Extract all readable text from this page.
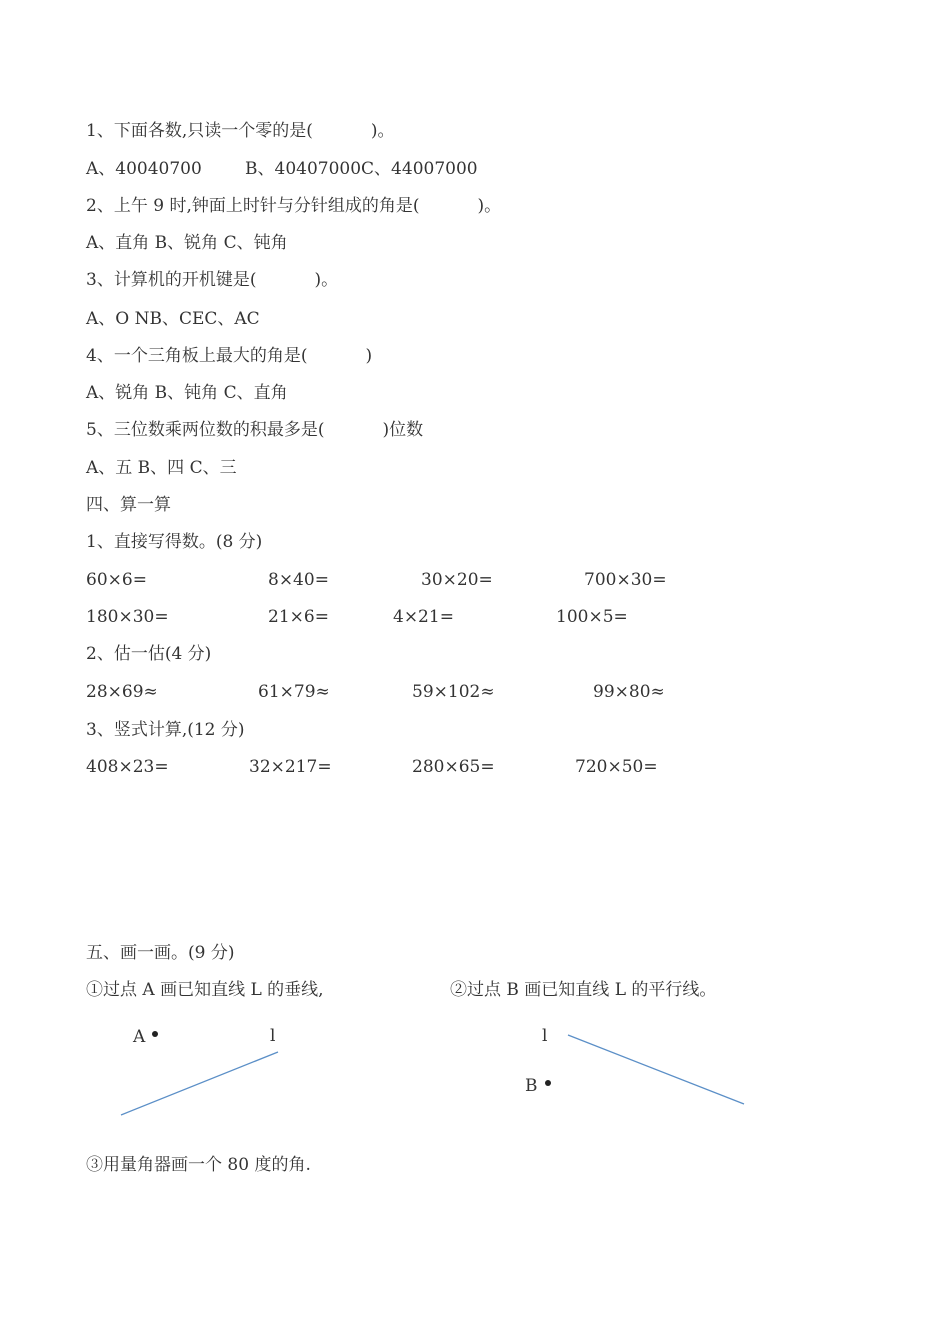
1、下面各数,只读一个零的是(	)。
A、40040700        B、40407000C、44007000
2、上午 9 时,钟面上时针与分针组成的角是(	)。
A、直角 B、锐角 C、钝角
3、计算机的开机键是(	)。
A、O NB、CEC、AC
4、一个三角板上最大的角是(	)
A、锐角 B、钝角 C、直角
5、三位数乘两位数的积最多是(	)位数
A、五 B、四 C、三
四、算一算
1、直接写得数。(8 分)
60×6=	8×40=	30×20=	700×30=
180×30=	21×6=	4×21=	100×5=
2、估一估(4 分)
28×69≈	61×79≈	59×102≈	99×80≈
3、竖式计算,(12 分)
408×23=	32×217=	280×65=	720×50=
五、画一画。(9 分)
①过点 A 画已知直线 L 的垂线,	②过点 B 画已知直线 L 的平行线。
A	l	l
B
③用量角器画一个 80 度的角.
